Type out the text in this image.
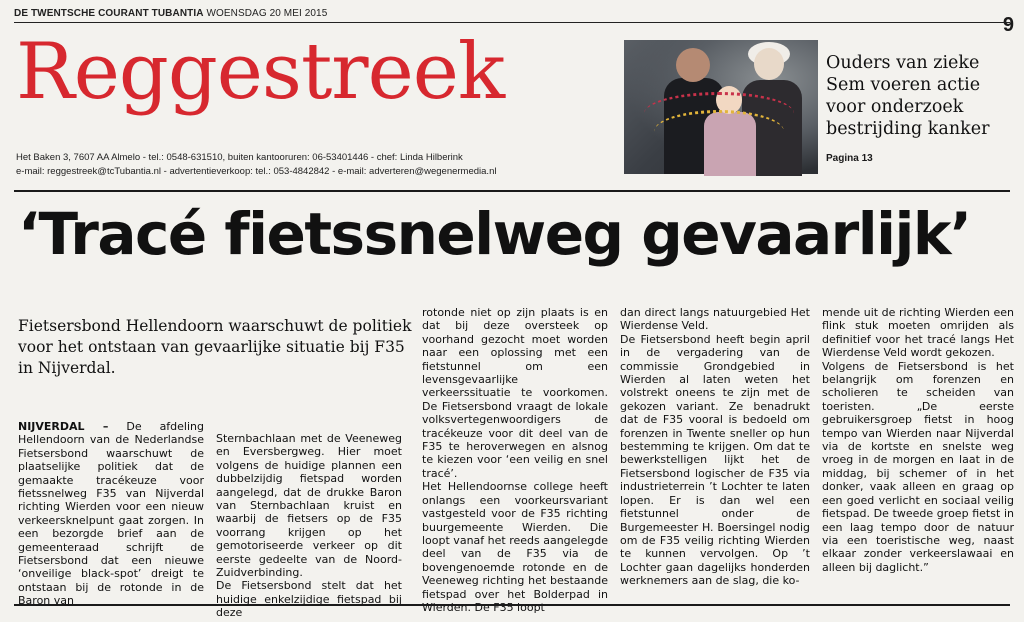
DE TWENTSCHE COURANT TUBANTIA WOENSDAG 20 MEI 2015
9
Reggestreek
Het Baken 3, 7607 AA Almelo - tel.: 0548-631510, buiten kantooruren: 06-53401446 - chef: Linda Hilberink
e-mail: reggestreek@tcTubantia.nl - advertentieverkoop: tel.: 053-4842842 - e-mail: adverteren@wegenermedia.nl
Ouders van zieke Sem voeren actie voor onderzoek bestrijding kanker
Pagina 13
‘Tracé fietssnelweg gevaarlijk’
Fietsersbond Hellendoorn waarschuwt de politiek voor het ontstaan van gevaarlijke situatie bij F35 in Nijverdal.

NIJVERDAL – De afdeling Hellendoorn van de Nederlandse Fietsersbond waarschuwt de plaatselijke politiek dat de gemaakte tracékeuze voor fietssnelweg F35 van Nijverdal richting Wierden voor een nieuw verkeersknelpunt gaat zorgen. In een bezorgde brief aan de gemeenteraad schrijft de Fietsersbond dat een nieuwe ‘onveilige black-spot’ dreigt te ontstaan bij de rotonde in de Baron van

Sternbachlaan met de Veeneweg en Eversbergweg. Hier moet volgens de huidige plannen een dubbelzijdig fietspad worden aangelegd, dat de drukke Baron van Sternbachlaan kruist en waarbij de fietsers op de F35 voorrang krijgen op het gemotoriseerde verkeer op dit eerste gedeelte van de Noord-Zuidverbinding.

De Fietsersbond stelt dat het huidige enkelzijdige fietspad bij deze

rotonde niet op zijn plaats is en dat bij deze oversteek op voorhand gezocht moet worden naar een oplossing met een fietstunnel om een levensgevaarlijke verkeerssituatie te voorkomen. De Fietsersbond vraagt de lokale volksvertegenwoordigers de tracékeuze voor dit deel van de F35 te heroverwegen en alsnog te kiezen voor ‘een veilig en snel tracé’.

Het Hellendoornse college heeft onlangs een voorkeursvariant vastgesteld voor de F35 richting buurgemeente Wierden. Die loopt vanaf het reeds aangelegde deel van de F35 via de bovengenoemde rotonde en de Veeneweg richting het bestaande fietspad over het Bolderpad in Wierden. De F35 loopt

dan direct langs natuurgebied Het Wierdense Veld.

De Fietsersbond heeft begin april in de vergadering van de commissie Grondgebied in Wierden al laten weten het volstrekt oneens te zijn met de gekozen variant. Ze benadrukt dat de F35 vooral is bedoeld om forenzen in Twente sneller op hun bestemming te krijgen. Om dat te bewerkstelligen lijkt het de Fietsersbond logischer de F35 via industrieterrein ’t Lochter te laten lopen. Er is dan wel een fietstunnel onder de Burgemeester H. Boersingel nodig om de F35 veilig richting Wierden te kunnen vervolgen. Op ’t Lochter gaan dagelijks honderden werknemers aan de slag, die ko-

mende uit de richting Wierden een flink stuk moeten omrijden als definitief voor het tracé langs Het Wierdense Veld wordt gekozen.

Volgens de Fietsersbond is het belangrijk om forenzen en scholieren te scheiden van toeristen. „De eerste gebruikersgroep fietst in hoog tempo van Wierden naar Nijverdal via de kortste en snelste weg vroeg in de morgen en laat in de middag, bij schemer of in het donker, vaak alleen en graag op een goed verlicht en sociaal veilig fietspad. De tweede groep fietst in een laag tempo door de natuur via een toeristische weg, naast elkaar zonder verkeerslawaai en alleen bij daglicht.”
